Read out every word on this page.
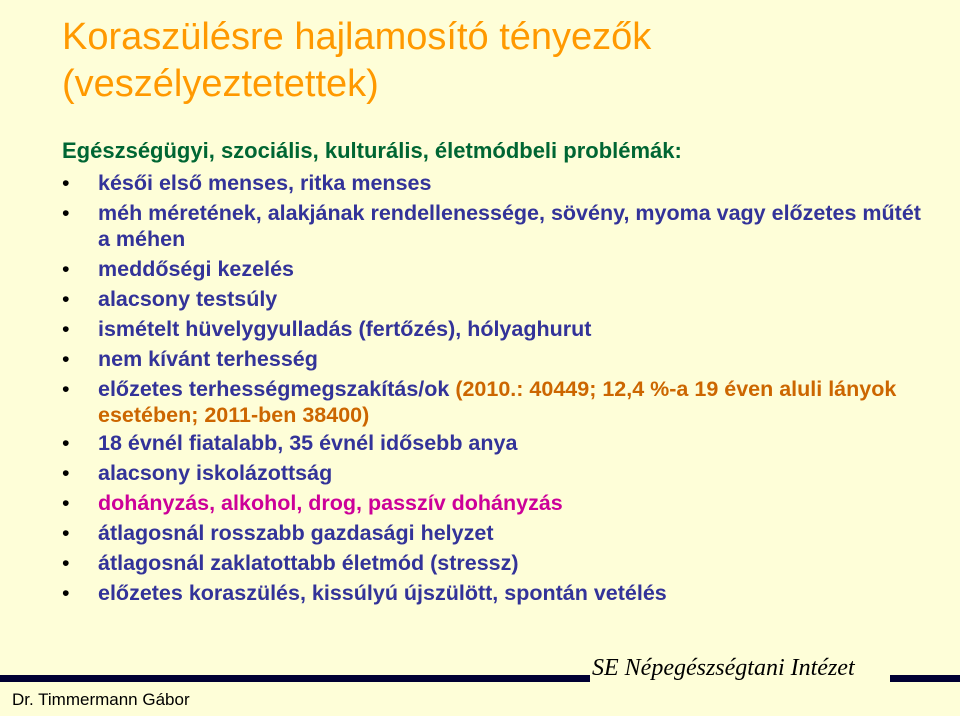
Koraszülésre hajlamosító tényezők (veszélyeztetettek)
Egészségügyi, szociális, kulturális, életmódbeli problémák:
• késői első menses, ritka menses
• méh méretének, alakjának rendellenessége, sövény, myoma vagy előzetes műtét a méhen
• meddőségi kezelés
• alacsony testsúly
• ismételt hüvelygyulladás (fertőzés), hólyaghurut
• nem kívánt terhesség
• előzetes terhességmegszakítás/ok (2010.: 40449; 12,4 %-a 19 éven aluli lányok esetében; 2011-ben 38400)
• 18 évnél fiatalabb, 35 évnél idősebb anya
• alacsony iskolázottság
• dohányzás, alkohol, drog, passzív dohányzás
• átlagosnál rosszabb gazdasági helyzet
• átlagosnál zaklatottabb életmód (stressz)
• előzetes koraszülés, kissúlyú újszülött, spontán vetélés
SE Népegészségtani Intézet
Dr. Timmermann Gábor
